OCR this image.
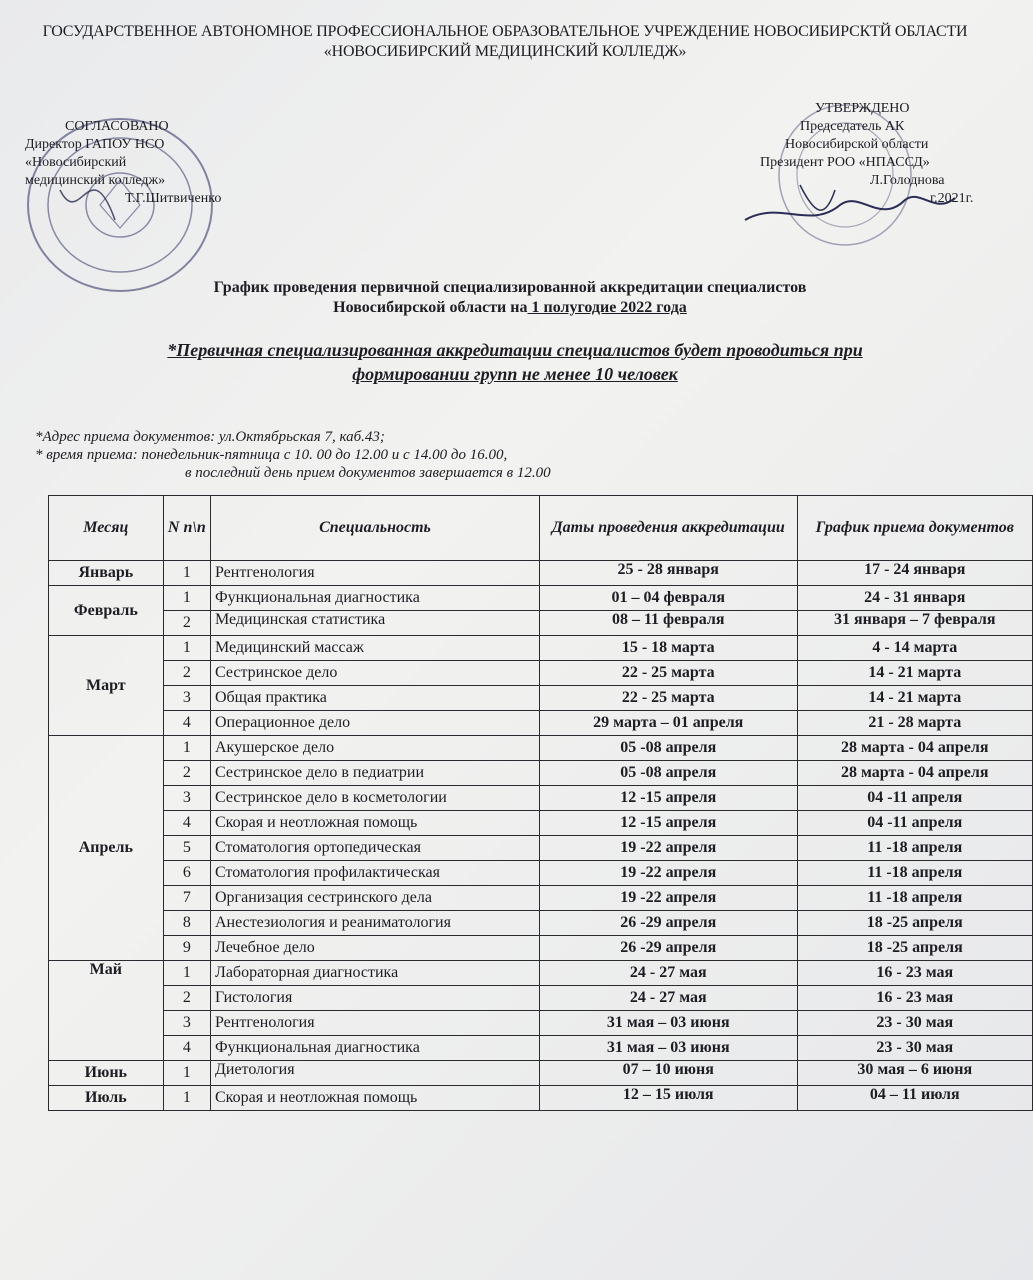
ГОСУДАРСТВЕННОЕ АВТОНОМНОЕ ПРОФЕССИОНАЛЬНОЕ ОБРАЗОВАТЕЛЬНОЕ УЧРЕЖДЕНИЕ НОВОСИБИРСКТЙ ОБЛАСТИ
«НОВОСИБИРСКИЙ МЕДИЦИНСКИЙ КОЛЛЕДЖ»
СОГЛАСОВАНО
Директор ГАПОУ НСО
«Новосибирский
медицинский колледж»
Т.Г.Шитвиченко
УТВЕРЖДЕНО
Председатель АК
Новосибирской области
Президент РОО «НПАССД»
Л.Голоднова
г.2021г.
График проведения первичной специализированной аккредитации специалистов
Новосибирской области на 1 полугодие 2022 года
*Первичная специализированная аккредитации специалистов будет проводиться при
формировании групп не менее 10 человек
*Адрес приема документов: ул.Октябрьская 7, каб.43;
* время приема: понедельник-пятница с 10. 00 до 12.00 и с 14.00 до 16.00,
в последний день прием документов завершается в 12.00
Месяц	N n\n	Специальность	Даты проведения аккредитации	График приема документов
Январь	1	Рентгенология	25 - 28 января	17 - 24 января
Февраль	1	Функциональная диагностика	01 – 04 февраля	24 - 31 января
	2	Медицинская статистика	08 – 11 февраля	31 января – 7 февраля
Март	1	Медицинский массаж	15 - 18 марта	4 - 14 марта
	2	Сестринское дело	22 - 25 марта	14 - 21 марта
	3	Общая практика	22 - 25 марта	14 - 21 марта
	4	Операционное дело	29 марта – 01 апреля	21 - 28 марта
Апрель	1	Акушерское дело	05 -08 апреля	28 марта - 04 апреля
	2	Сестринское дело в педиатрии	05 -08 апреля	28 марта - 04 апреля
	3	Сестринское дело в косметологии	12 -15 апреля	04 -11 апреля
	4	Скорая и неотложная помощь	12 -15 апреля	04 -11 апреля
	5	Стоматология ортопедическая	19 -22 апреля	11 -18 апреля
	6	Стоматология профилактическая	19 -22 апреля	11 -18 апреля
	7	Организация сестринского дела	19 -22 апреля	11 -18 апреля
	8	Анестезиология и реаниматология	26 -29 апреля	18 -25 апреля
	9	Лечебное дело	26 -29 апреля	18 -25 апреля
Май	1	Лабораторная диагностика	24 - 27 мая	16 - 23 мая
	2	Гистология	24 - 27 мая	16 - 23 мая
	3	Рентгенология	31 мая – 03 июня	23 - 30 мая
	4	Функциональная диагностика	31 мая – 03 июня	23 - 30 мая
Июнь	1	Диетология	07 – 10 июня	30 мая – 6 июня
Июль	1	Скорая и неотложная помощь	12 – 15 июля	04 – 11 июля
